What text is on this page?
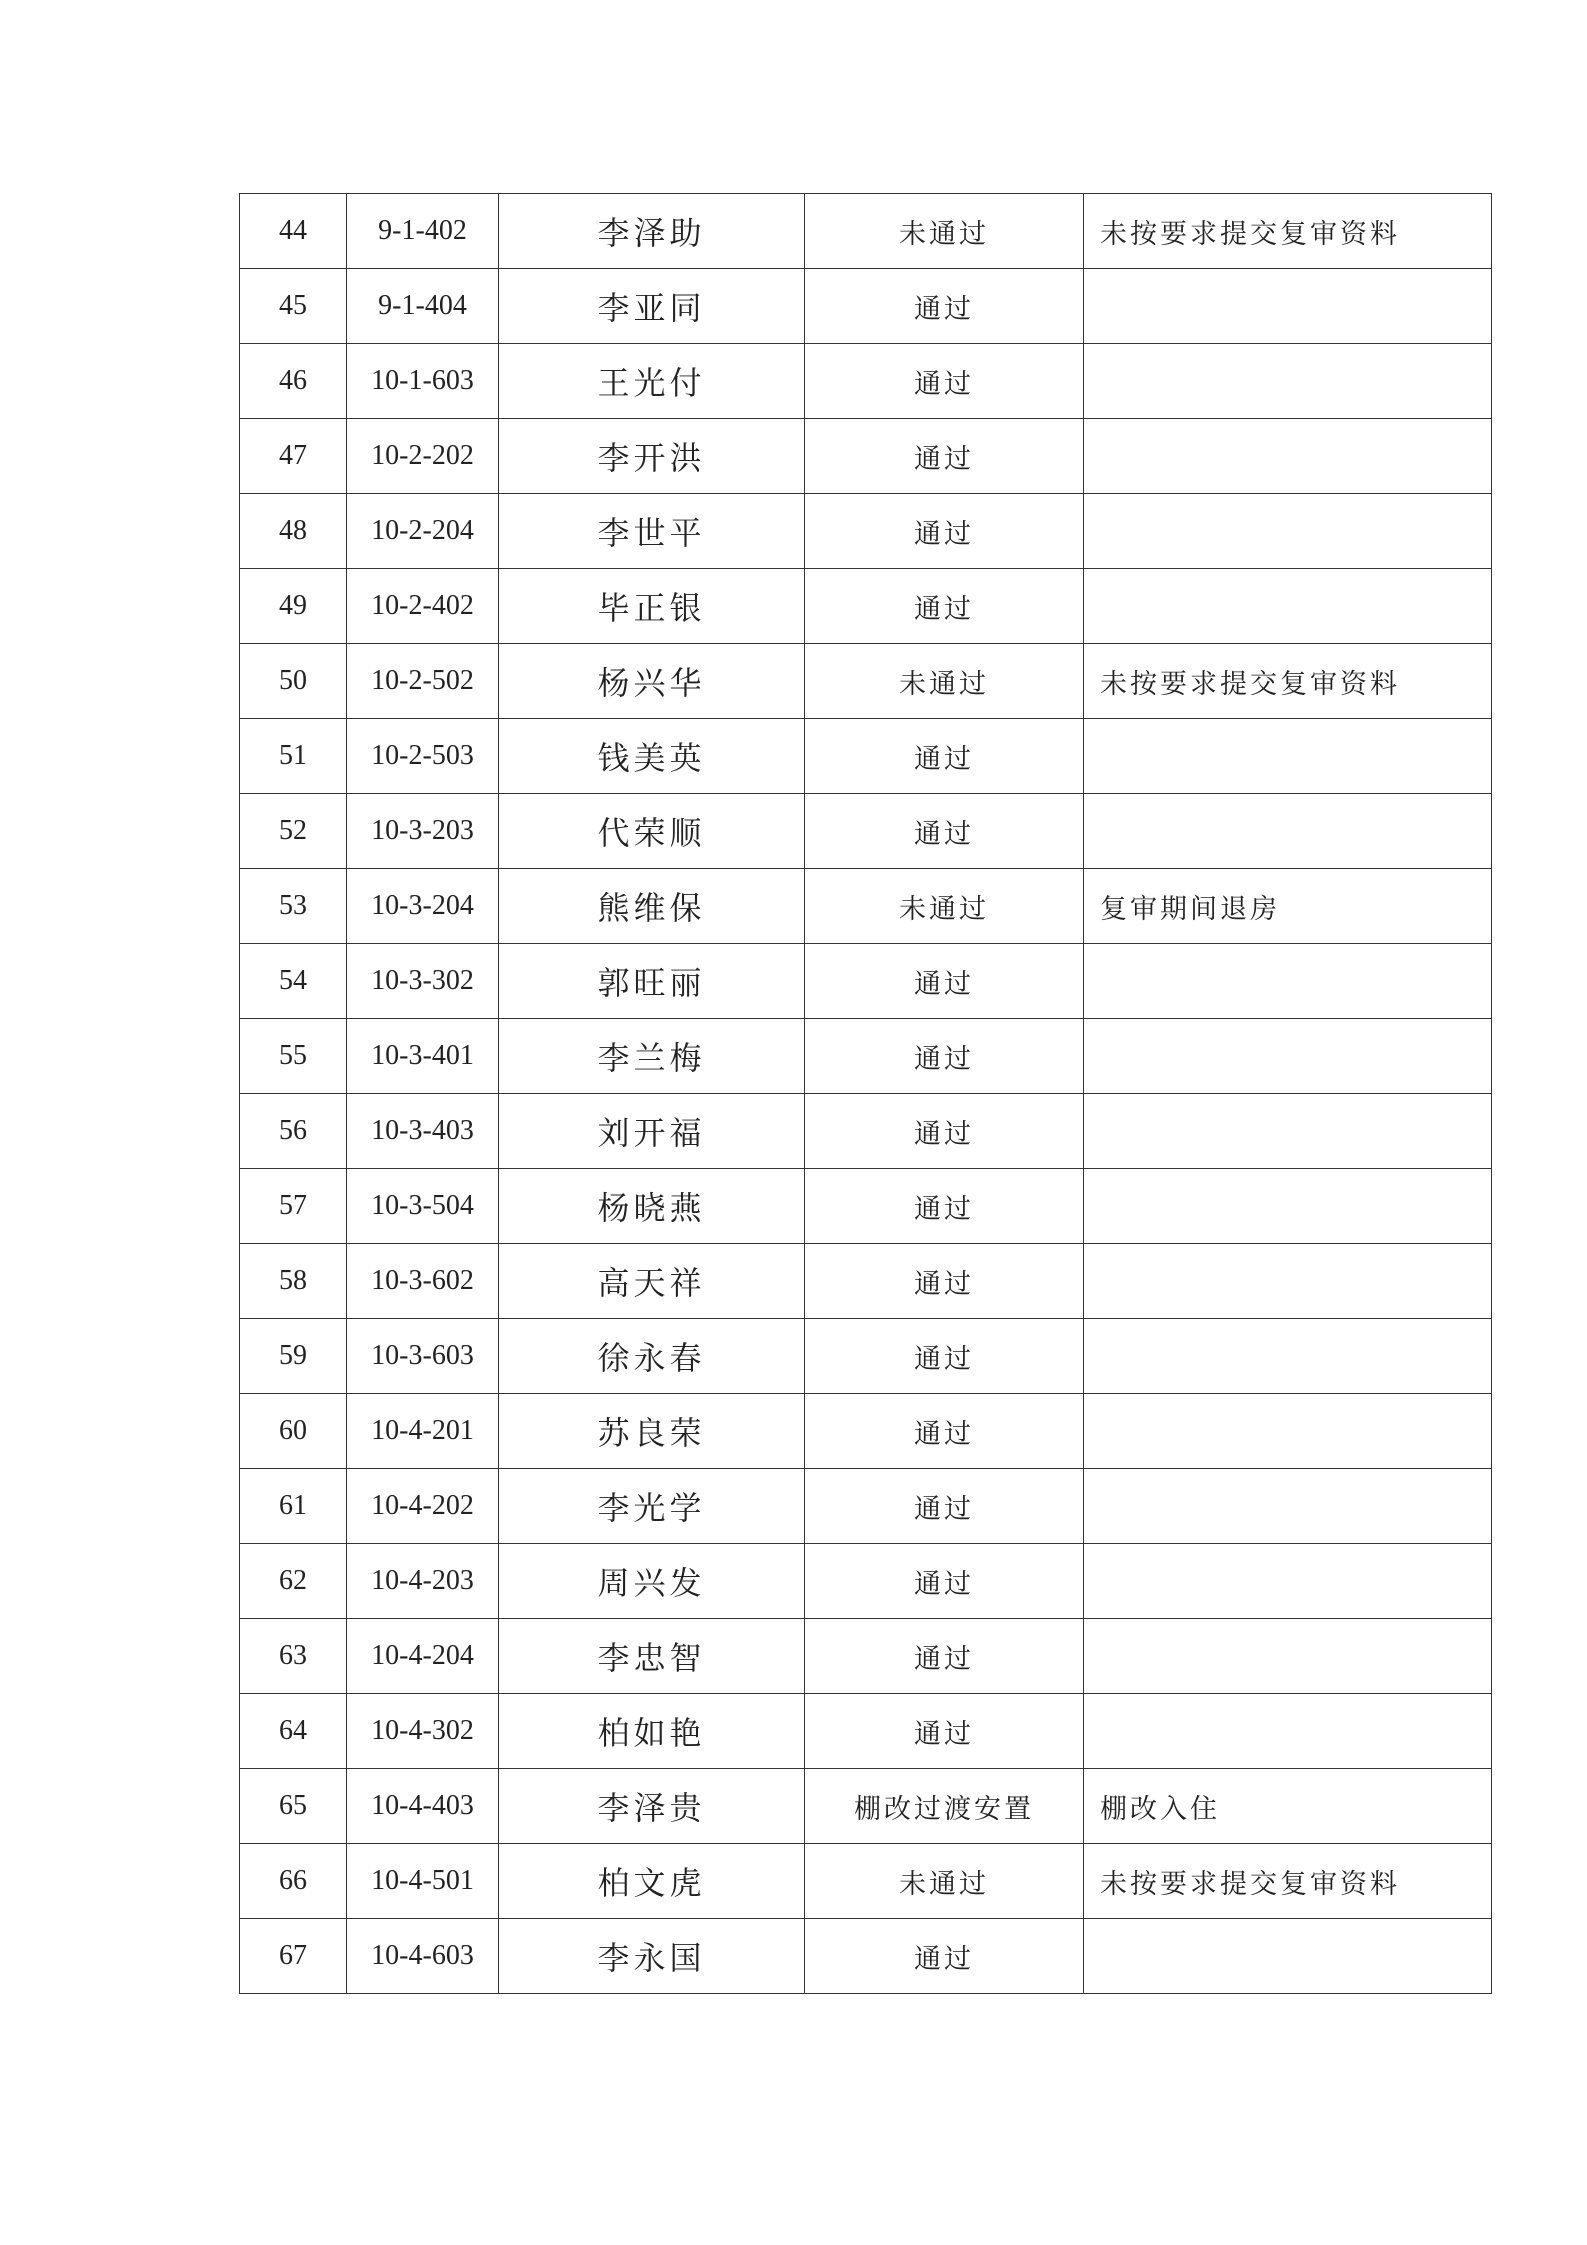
44	9-1-402	李泽助	未通过	未按要求提交复审资料
45	9-1-404	李亚同	通过	
46	10-1-603	王光付	通过	
47	10-2-202	李开洪	通过	
48	10-2-204	李世平	通过	
49	10-2-402	毕正银	通过	
50	10-2-502	杨兴华	未通过	未按要求提交复审资料
51	10-2-503	钱美英	通过	
52	10-3-203	代荣顺	通过	
53	10-3-204	熊维保	未通过	复审期间退房
54	10-3-302	郭旺丽	通过	
55	10-3-401	李兰梅	通过	
56	10-3-403	刘开福	通过	
57	10-3-504	杨晓燕	通过	
58	10-3-602	高天祥	通过	
59	10-3-603	徐永春	通过	
60	10-4-201	苏良荣	通过	
61	10-4-202	李光学	通过	
62	10-4-203	周兴发	通过	
63	10-4-204	李忠智	通过	
64	10-4-302	柏如艳	通过	
65	10-4-403	李泽贵	棚改过渡安置	棚改入住
66	10-4-501	柏文虎	未通过	未按要求提交复审资料
67	10-4-603	李永国	通过	
